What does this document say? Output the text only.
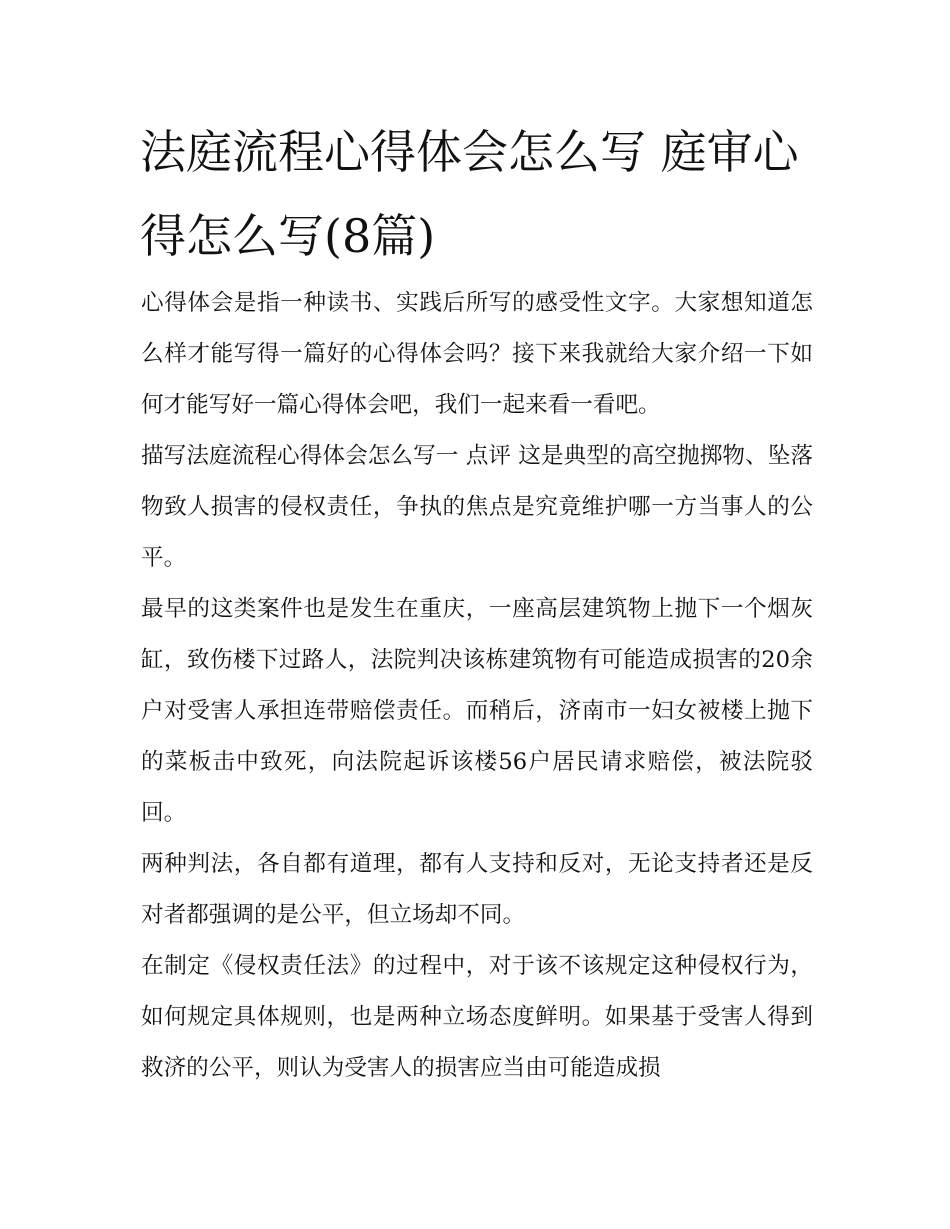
法庭流程心得体会怎么写 庭审心得怎么写(8篇)

心得体会是指一种读书、实践后所写的感受性文字。大家想知道怎么样才能写得一篇好的心得体会吗？接下来我就给大家介绍一下如何才能写好一篇心得体会吧，我们一起来看一看吧。

描写法庭流程心得体会怎么写一 点评 这是典型的高空抛掷物、坠落物致人损害的侵权责任，争执的焦点是究竟维护哪一方当事人的公平。

最早的这类案件也是发生在重庆，一座高层建筑物上抛下一个烟灰缸，致伤楼下过路人，法院判决该栋建筑物有可能造成损害的20余户对受害人承担连带赔偿责任。而稍后，济南市一妇女被楼上抛下的菜板击中致死，向法院起诉该楼56户居民请求赔偿，被法院驳回。

两种判法，各自都有道理，都有人支持和反对，无论支持者还是反对者都强调的是公平，但立场却不同。

在制定《侵权责任法》的过程中，对于该不该规定这种侵权行为，如何规定具体规则，也是两种立场态度鲜明。如果基于受害人得到救济的公平，则认为受害人的损害应当由可能造成损
